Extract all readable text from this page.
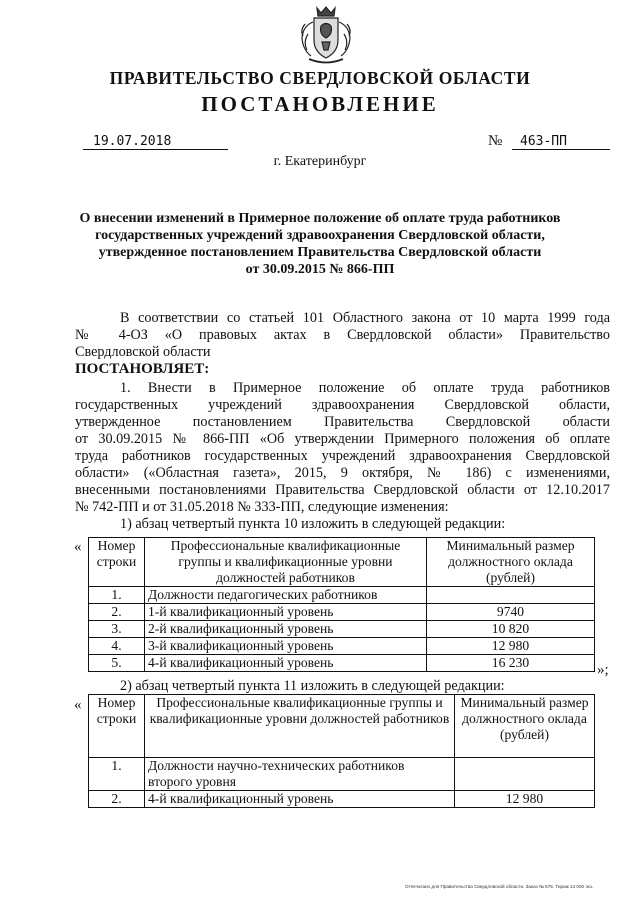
ПРАВИТЕЛЬСТВО СВЕРДЛОВСКОЙ ОБЛАСТИ
ПОСТАНОВЛЕНИЕ
19.07.2018	№	463-ПП
г. Екатеринбург
О внесении изменений в Примерное положение об оплате труда работников
государственных учреждений здравоохранения Свердловской области,
утвержденное постановлением Правительства Свердловской области
от 30.09.2015 № 866-ПП
В соответствии со статьей 101 Областного закона от 10 марта 1999 года
№ 4-ОЗ «О правовых актах в Свердловской области» Правительство
Свердловской области
ПОСТАНОВЛЯЕТ:
1. Внести в Примерное положение об оплате труда работников
государственных учреждений здравоохранения Свердловской области,
утвержденное постановлением Правительства Свердловской области
от 30.09.2015 № 866-ПП «Об утверждении Примерного положения об оплате
труда работников государственных учреждений здравоохранения Свердловской
области» («Областная газета», 2015, 9 октября, № 186) с изменениями,
внесенными постановлениями Правительства Свердловской области от 12.10.2017
№ 742-ПП и от 31.05.2018 № 333-ПП, следующие изменения:
1) абзац четвертый пункта 10 изложить в следующей редакции:
« Номер строки	Профессиональные квалификационные группы и квалификационные уровни должностей работников	Минимальный размер должностного оклада (рублей)
1.	Должности педагогических работников	
2.	1-й квалификационный уровень	9740
3.	2-й квалификационный уровень	10 820
4.	3-й квалификационный уровень	12 980
5.	4-й квалификационный уровень	16 230	»;
2) абзац четвертый пункта 11 изложить в следующей редакции:
« Номер строки	Профессиональные квалификационные группы и квалификационные уровни должностей работников	Минимальный размер должностного оклада (рублей)
1.	Должности научно-технических работников второго уровня	
2.	4-й квалификационный уровень	12 980
Отпечатано для Правительства Свердловской области. Заказ № 575. Тираж 14 000 экз.
